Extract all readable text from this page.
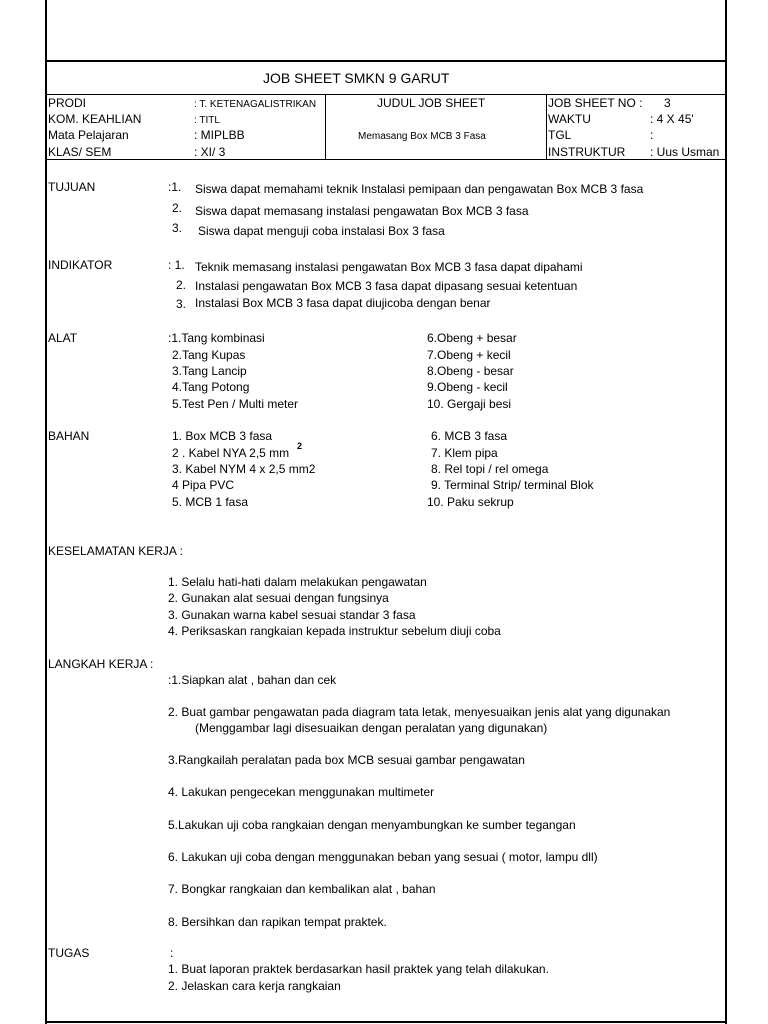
JOB SHEET SMKN 9 GARUT
PRODI	: T. KETENAGALISTRIKAN
KOM. KEAHLIAN	: TITL
Mata Pelajaran	: MIPLBB
KLAS/ SEM	: XI/ 3
JUDUL JOB SHEET
Memasang Box MCB 3 Fasa
JOB SHEET NO : 3
WAKTU	: 4 X 45'
TGL	:
INSTRUKTUR : Uus Usman
TUJUAN	:1. Siswa dapat memahami teknik Instalasi pemipaan dan pengawatan Box MCB 3 fasa
2. Siswa dapat memasang instalasi pengawatan Box MCB 3 fasa
3. Siswa dapat menguji coba instalasi Box 3 fasa
INDIKATOR	: 1. Teknik memasang instalasi pengawatan Box MCB 3 fasa dapat dipahami
2. Instalasi pengawatan Box MCB 3 fasa dapat dipasang sesuai ketentuan
3. Instalasi Box MCB 3 fasa dapat diujicoba dengan benar
ALAT	:1.Tang kombinasi
2.Tang Kupas
3.Tang Lancip
4.Tang Potong
5.Test Pen / Multi meter
6.Obeng + besar
7.Obeng + kecil
8.Obeng - besar
9.Obeng - kecil
10. Gergaji besi
BAHAN	1. Box MCB 3 fasa
2 . Kabel NYA 2,5 mm 2
3. Kabel NYM 4 x 2,5 mm2
4 Pipa PVC
5. MCB 1 fasa
6. MCB 3 fasa
7. Klem pipa
8. Rel topi / rel omega
9. Terminal Strip/ terminal Blok
10. Paku sekrup
KESELAMATAN KERJA :
1. Selalu hati-hati dalam melakukan pengawatan
2. Gunakan alat sesuai dengan fungsinya
3. Gunakan warna kabel sesuai standar 3 fasa
4. Periksaskan rangkaian kepada instruktur sebelum diuji coba
LANGKAH KERJA :
:1.Siapkan alat , bahan dan cek
2. Buat gambar pengawatan pada diagram tata letak, menyesuaikan jenis alat yang digunakan
(Menggambar lagi disesuaikan dengan peralatan yang digunakan)
3.Rangkailah peralatan pada box MCB sesuai gambar pengawatan
4. Lakukan pengecekan menggunakan multimeter
5.Lakukan uji coba rangkaian dengan menyambungkan ke sumber tegangan
6. Lakukan uji coba dengan menggunakan beban yang sesuai ( motor, lampu dll)
7. Bongkar rangkaian dan kembalikan alat , bahan
8. Bersihkan dan rapikan tempat praktek.
TUGAS	:
1. Buat laporan praktek berdasarkan hasil praktek yang telah dilakukan.
2. Jelaskan cara kerja rangkaian
